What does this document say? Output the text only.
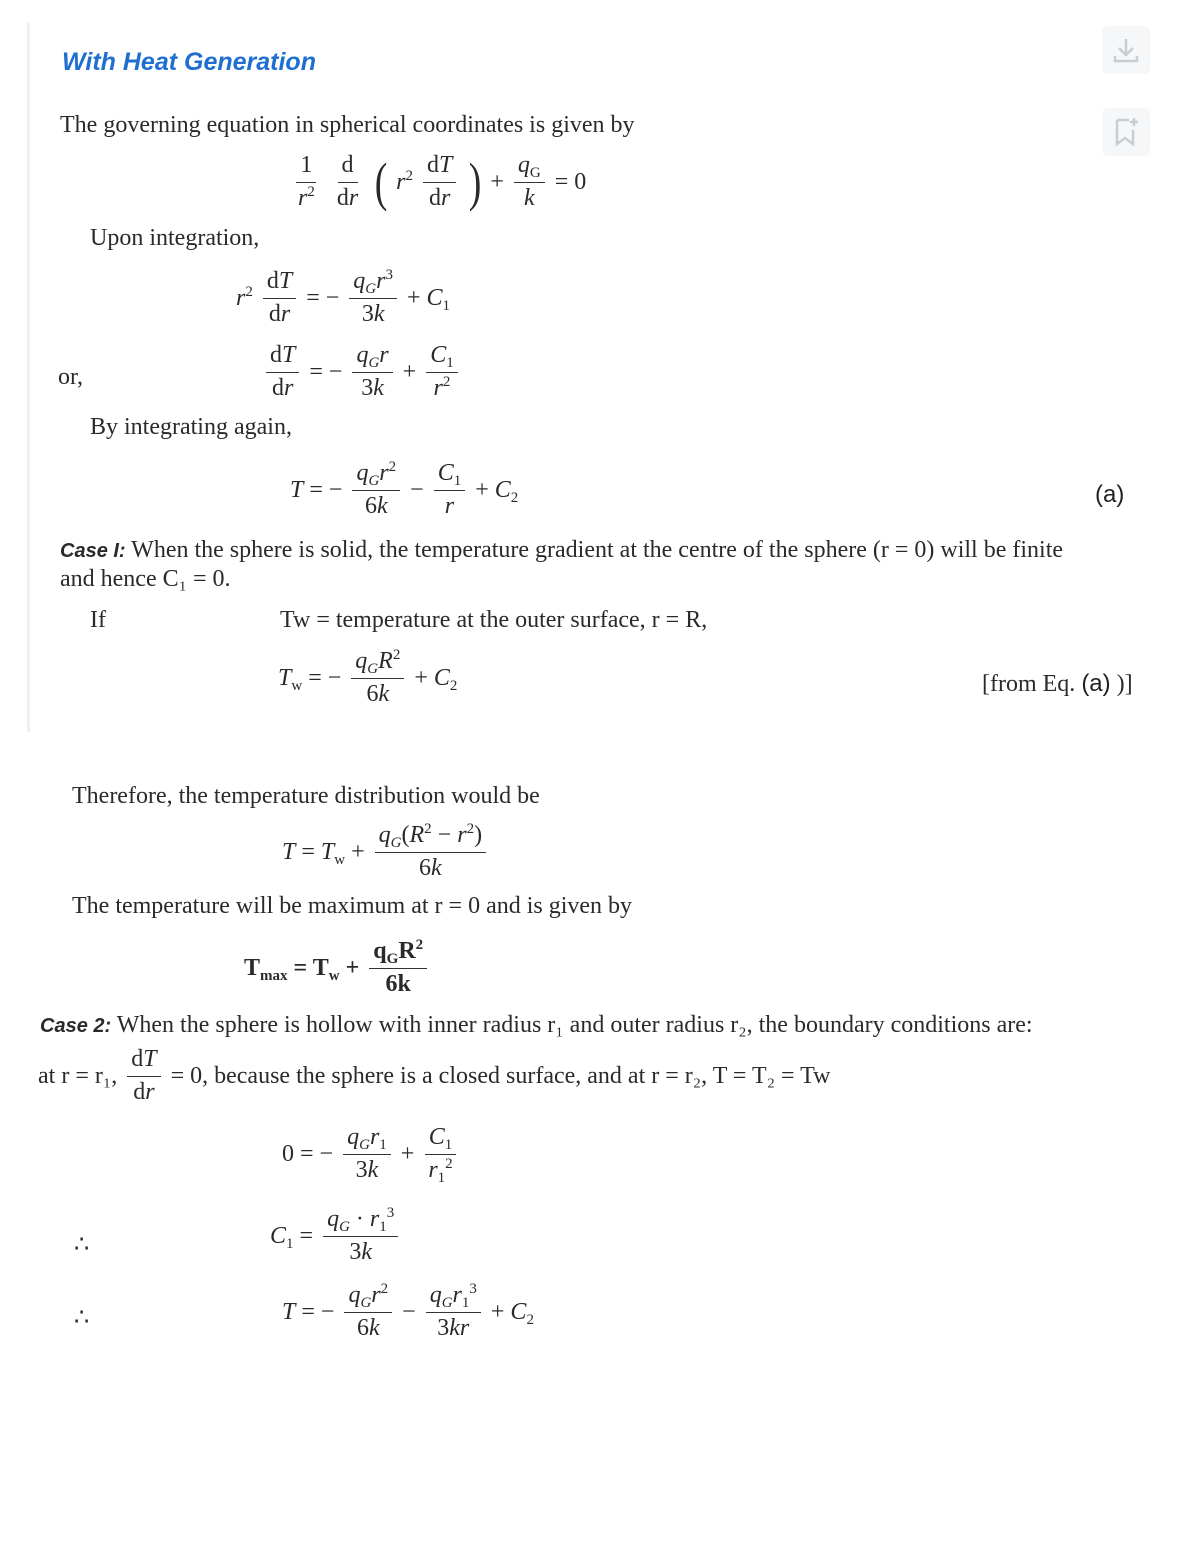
With Heat Generation
The governing equation in spherical coordinates is given by
$\frac{1}{r^2} \frac{d}{dr}$ ( $r^2 \frac{dT}{dr}$ ) + $\frac{q_G}{k} = 0$
Upon integration,
$r^2 \frac{dT}{dr}$ = − $\frac{q_Gr^3}{3k} + C_1$
or,	$\frac{dT}{dr}$ = − $\frac{q_Gr}{3k} + \frac{C_1}{r^2}$
By integrating again,
T = − $\frac{q_Gr^2}{6k} - \frac{C_1}{r} + C_2$	(a)
Case I: When the sphere is solid, the temperature gradient at the centre of the sphere (r = 0) will be finite
and hence C₁ = 0.
If	Tw = temperature at the outer surface, r = R,
$T_w$ = − $\frac{q_GR^2}{6k} + C_2$	[from Eq. (a) )]
Therefore, the temperature distribution would be
$T = T_w + \frac{q_G(R^2 - r^2)}{6k}$
The temperature will be maximum at r = 0 and is given by
$T_{max} = T_w + \frac{q_GR^2}{6k}$
Case 2: When the sphere is hollow with inner radius r₁ and outer radius r₂, the boundary conditions are:
at r = r₁, $\frac{dT}{dr} = 0$, because the sphere is a closed surface, and at r = r₂, T = T₂ = Tw
0 = − $\frac{q_Gr_1}{3k} + \frac{C_1}{r_1^2}$
∴	$C_1 = \frac{q_G \cdot r_1^3}{3k}$
∴	T = − $\frac{q_Gr^2}{6k} - \frac{q_Gr_1^3}{3kr} + C_2$
